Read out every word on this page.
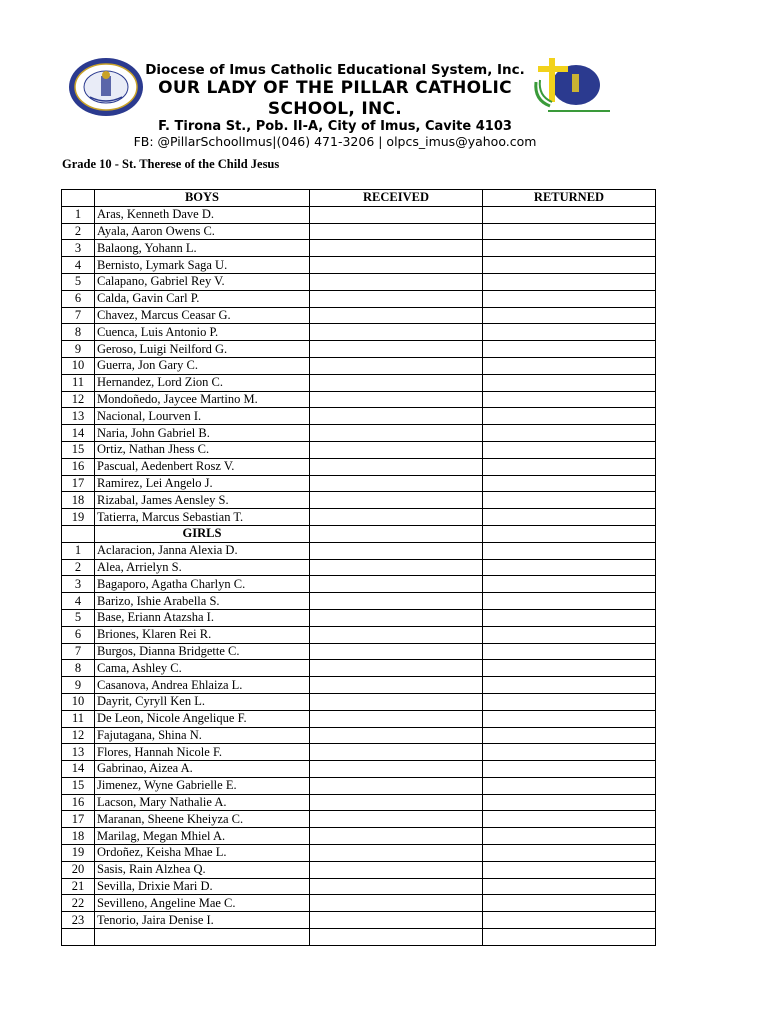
Diocese of Imus Catholic Educational System, Inc.
OUR LADY OF THE PILLAR CATHOLIC
SCHOOL, INC.
F. Tirona St., Pob. II-A, City of Imus, Cavite 4103
FB: @PillarSchoolImus|(046) 471-3206 | olpcs_imus@yahoo.com
Grade 10 - St. Therese of the Child Jesus
	BOYS	RECEIVED	RETURNED
1	Aras, Kenneth Dave D.		
2	Ayala, Aaron Owens C.		
3	Balaong, Yohann L.		
4	Bernisto, Lymark Saga U.		
5	Calapano, Gabriel Rey V.		
6	Calda, Gavin Carl P.		
7	Chavez, Marcus Ceasar G.		
8	Cuenca, Luis Antonio P.		
9	Geroso, Luigi Neilford G.		
10	Guerra, Jon Gary C.		
11	Hernandez, Lord Zion C.		
12	Mondoñedo, Jaycee Martino M.		
13	Nacional, Lourven I.		
14	Naria, John Gabriel B.		
15	Ortiz, Nathan Jhess C.		
16	Pascual, Aedenbert Rosz V.		
17	Ramirez, Lei Angelo J.		
18	Rizabal, James Aensley S.		
19	Tatierra, Marcus Sebastian T.		
	GIRLS		
1	Aclaracion, Janna Alexia D.		
2	Alea, Arrielyn S.		
3	Bagaporo, Agatha Charlyn C.		
4	Barizo, Ishie Arabella S.		
5	Base, Eriann Atazsha I.		
6	Briones, Klaren Rei R.		
7	Burgos, Dianna Bridgette C.		
8	Cama, Ashley C.		
9	Casanova, Andrea Ehlaiza L.		
10	Dayrit, Cyryll Ken L.		
11	De Leon, Nicole Angelique F.		
12	Fajutagana, Shina N.		
13	Flores, Hannah Nicole F.		
14	Gabrinao, Aizea A.		
15	Jimenez, Wyne Gabrielle E.		
16	Lacson, Mary Nathalie A.		
17	Maranan, Sheene Kheiyza C.		
18	Marilag, Megan Mhiel A.		
19	Ordoñez, Keisha Mhae L.		
20	Sasis, Rain Alzhea Q.		
21	Sevilla, Drixie Mari D.		
22	Sevilleno, Angeline Mae C.		
23	Tenorio, Jaira Denise I.		
